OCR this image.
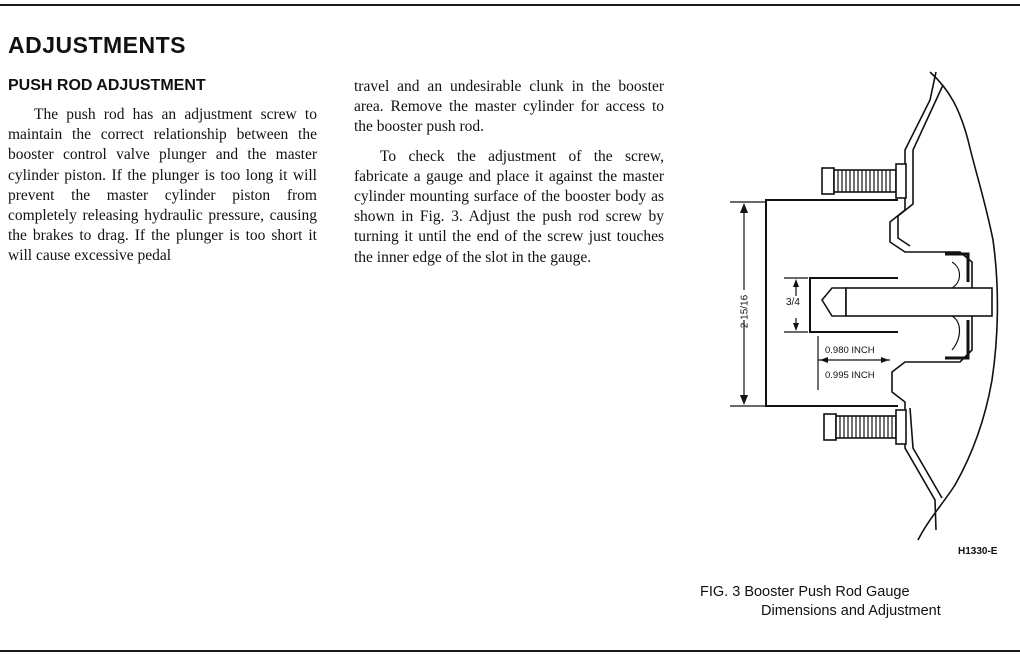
ADJUSTMENTS
PUSH ROD ADJUSTMENT

The push rod has an adjustment screw to maintain the correct relationship between the booster control valve plunger and the master cylinder piston. If the plunger is too long it will prevent the master cylinder piston from completely releasing hydraulic pressure, causing the brakes to drag. If the plunger is too short it will cause excessive pedal

travel and an undesirable clunk in the booster area. Remove the master cylinder for access to the booster push rod.

To check the adjustment of the screw, fabricate a gauge and place it against the master cylinder mounting surface of the booster body as shown in Fig. 3. Adjust the push rod screw by turning it until the end of the screw just touches the inner edge of the slot in the gauge.

2 15/16	3/4
0.980 INCH
0.995 INCH
H1330-E
FIG. 3 Booster Push Rod Gauge
Dimensions and Adjustment
